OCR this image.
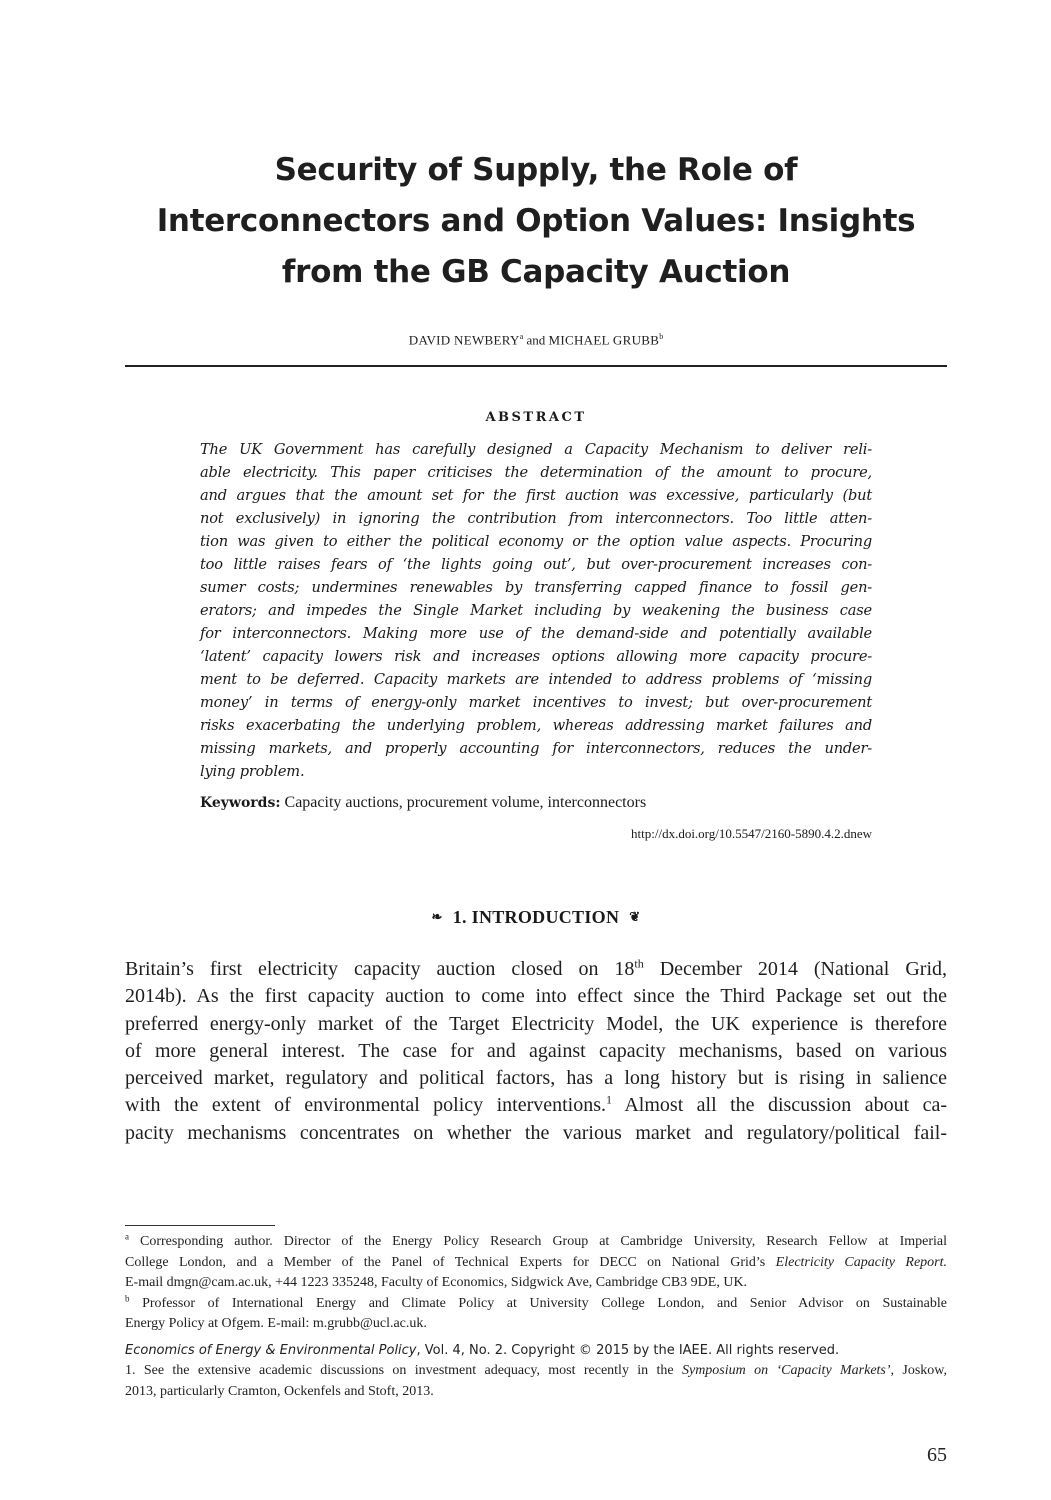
Security of Supply, the Role of
Interconnectors and Option Values: Insights
from the GB Capacity Auction
DAVID NEWBERY$^a$ and MICHAEL GRUBB$^b$
ABSTRACT
The UK Government has carefully designed a Capacity Mechanism to deliver reli-
able electricity. This paper criticises the determination of the amount to procure,
and argues that the amount set for the first auction was excessive, particularly (but
not exclusively) in ignoring the contribution from interconnectors. Too little atten-
tion was given to either the political economy or the option value aspects. Procuring
too little raises fears of ‘the lights going out’, but over-procurement increases con-
sumer costs; undermines renewables by transferring capped finance to fossil gen-
erators; and impedes the Single Market including by weakening the business case
for interconnectors. Making more use of the demand-side and potentially available
‘latent’ capacity lowers risk and increases options allowing more capacity procure-
ment to be deferred. Capacity markets are intended to address problems of ‘missing
money’ in terms of energy-only market incentives to invest; but over-procurement
risks exacerbating the underlying problem, whereas addressing market failures and
missing markets, and properly accounting for interconnectors, reduces the under-
lying problem.
Keywords: Capacity auctions, procurement volume, interconnectors
http://dx.doi.org/10.5547/2160-5890.4.2.dnew
❧ 1. INTRODUCTION ❦
Britain’s first electricity capacity auction closed on 18th December 2014 (National Grid,
2014b). As the first capacity auction to come into effect since the Third Package set out the
preferred energy-only market of the Target Electricity Model, the UK experience is therefore
of more general interest. The case for and against capacity mechanisms, based on various
perceived market, regulatory and political factors, has a long history but is rising in salience
with the extent of environmental policy interventions.$^1$ Almost all the discussion about ca-
pacity mechanisms concentrates on whether the various market and regulatory/political fail-
$^a$ Corresponding author. Director of the Energy Policy Research Group at Cambridge University, Research Fellow at Imperial
College London, and a Member of the Panel of Technical Experts for DECC on National Grid’s Electricity Capacity Report.
E-mail dmgn@cam.ac.uk, +44 1223 335248, Faculty of Economics, Sidgwick Ave, Cambridge CB3 9DE, UK.
$^b$ Professor of International Energy and Climate Policy at University College London, and Senior Advisor on Sustainable
Energy Policy at Ofgem. E-mail: m.grubb@ucl.ac.uk.
Economics of Energy & Environmental Policy, Vol. 4, No. 2. Copyright © 2015 by the IAEE. All rights reserved.
1. See the extensive academic discussions on investment adequacy, most recently in the Symposium on ‘Capacity Markets’, Joskow,
2013, particularly Cramton, Ockenfels and Stoft, 2013.
65
